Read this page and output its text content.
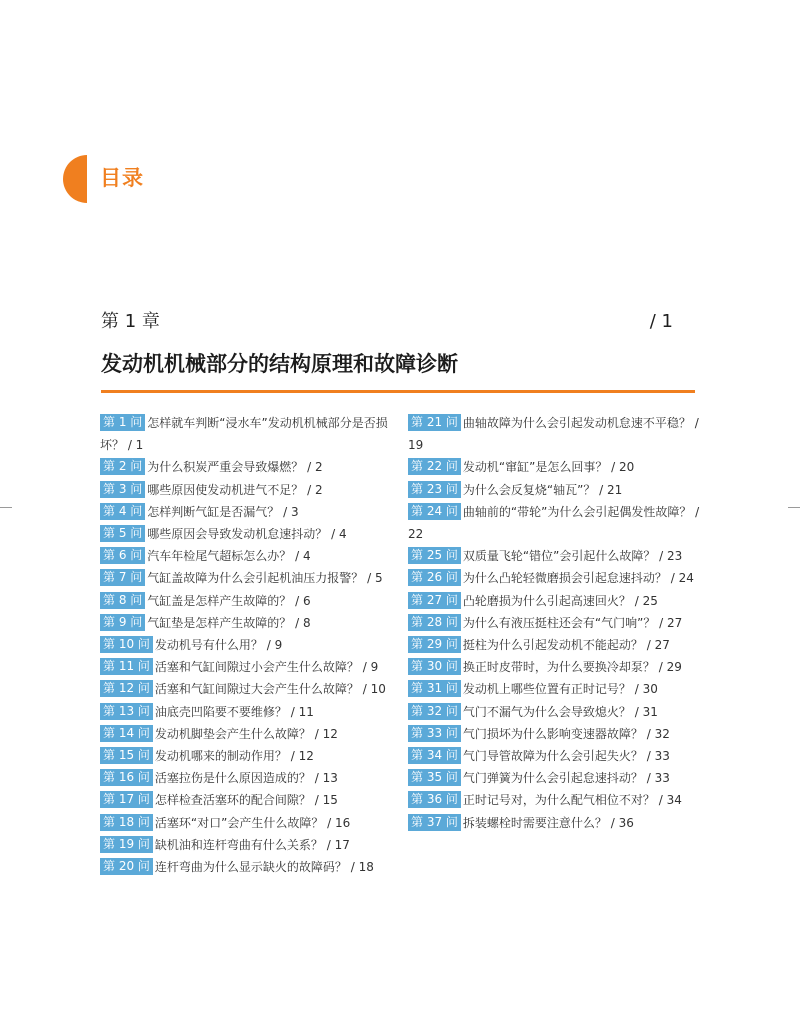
目录
第 1 章	/ 1
发动机机械部分的结构原理和故障诊断
第 1 问 怎样就车判断“浸水车”发动机机械部分是否损坏？ / 1
第 2 问 为什么积炭严重会导致爆燃？ / 2
第 3 问 哪些原因使发动机进气不足？ / 2
第 4 问 怎样判断气缸是否漏气？ / 3
第 5 问 哪些原因会导致发动机怠速抖动？ / 4
第 6 问 汽车年检尾气超标怎么办？ / 4
第 7 问 气缸盖故障为什么会引起机油压力报警？ / 5
第 8 问 气缸盖是怎样产生故障的？ / 6
第 9 问 气缸垫是怎样产生故障的？ / 8
第 10 问 发动机号有什么用？ / 9
第 11 问 活塞和气缸间隙过小会产生什么故障？ / 9
第 12 问 活塞和气缸间隙过大会产生什么故障？ / 10
第 13 问 油底壳凹陷要不要维修？ / 11
第 14 问 发动机脚垫会产生什么故障？ / 12
第 15 问 发动机哪来的制动作用？ / 12
第 16 问 活塞拉伤是什么原因造成的？ / 13
第 17 问 怎样检查活塞环的配合间隙？ / 15
第 18 问 活塞环“对口”会产生什么故障？ / 16
第 19 问 缺机油和连杆弯曲有什么关系？ / 17
第 20 问 连杆弯曲为什么显示缺火的故障码？ / 18
第 21 问 曲轴故障为什么会引起发动机怠速不平稳？ / 19
第 22 问 发动机“窜缸”是怎么回事？ / 20
第 23 问 为什么会反复烧“轴瓦”？ / 21
第 24 问 曲轴前的“带轮”为什么会引起偶发性故障？ / 22
第 25 问 双质量飞轮“错位”会引起什么故障？ / 23
第 26 问 为什么凸轮轻微磨损会引起怠速抖动？ / 24
第 27 问 凸轮磨损为什么引起高速回火？ / 25
第 28 问 为什么有液压挺柱还会有“气门响”？ / 27
第 29 问 挺柱为什么引起发动机不能起动？ / 27
第 30 问 换正时皮带时，为什么要换冷却泵？ / 29
第 31 问 发动机上哪些位置有正时记号？ / 30
第 32 问 气门不漏气为什么会导致熄火？ / 31
第 33 问 气门损坏为什么影响变速器故障？ / 32
第 34 问 气门导管故障为什么会引起失火？ / 33
第 35 问 气门弹簧为什么会引起怠速抖动？ / 33
第 36 问 正时记号对，为什么配气相位不对？ / 34
第 37 问 拆装螺栓时需要注意什么？ / 36
